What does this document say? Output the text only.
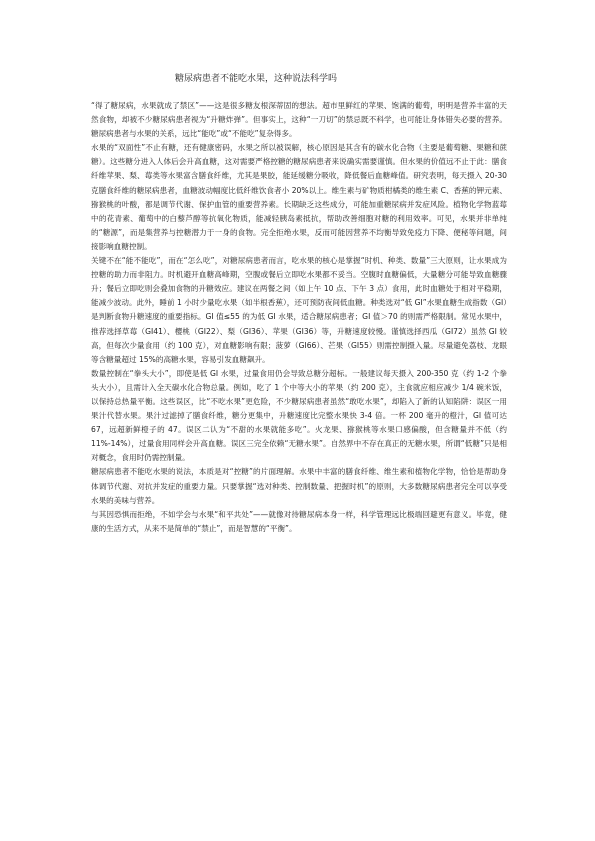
糖尿病患者不能吃水果，这种说法科学吗

“得了糖尿病，水果就成了禁区”——这是很多糖友根深蒂固的想法。超市里鲜红的苹果、饱满的葡萄，明明是营养丰富的天然食物，却被不少糖尿病患者视为“升糖炸弹”。但事实上，这种“一刀切”的禁忌既不科学，也可能让身体错失必要的营养。糖尿病患者与水果的关系，远比“能吃”或“不能吃”复杂得多。

水果的“双面性”不止有糖，还有健康密码，水果之所以被误解，核心原因是其含有的碳水化合物（主要是葡萄糖、果糖和蔗糖）。这些糖分进入人体后会升高血糖，这对需要严格控糖的糖尿病患者来说确实需要谨慎。但水果的价值远不止于此：膳食纤维苹果、梨、莓类等水果富含膳食纤维，尤其是果胶，能延缓糖分吸收，降低餐后血糖峰值。研究表明，每天摄入 20-30 克膳食纤维的糖尿病患者，血糖波动幅度比低纤维饮食者小 20%以上。维生素与矿物质柑橘类的维生素 C、香蕉的钾元素、猕猴桃的叶酸，都是调节代谢、保护血管的重要营养素。长期缺乏这些成分，可能加重糖尿病并发症风险。植物化学物蓝莓中的花青素、葡萄中的白藜芦醇等抗氧化物质，能减轻胰岛素抵抗，帮助改善细胞对糖的利用效率。可见，水果并非单纯的“糖源”，而是集营养与控糖潜力于一身的食物。完全拒绝水果，反而可能因营养不均衡导致免疫力下降、便秘等问题，间接影响血糖控制。

关键不在“能不能吃”，而在“怎么吃”，对糖尿病患者而言，吃水果的核心是掌握“时机、种类、数量”三大原则，让水果成为控糖的助力而非阻力。时机避开血糖高峰期，空腹或餐后立即吃水果都不妥当。空腹时血糖偏低，大量糖分可能导致血糖骤升；餐后立即吃则会叠加食物的升糖效应。建议在两餐之间（如上午 10 点、下午 3 点）食用，此时血糖处于相对平稳期，能减少波动。此外，睡前 1 小时少量吃水果（如半根香蕉），还可预防夜间低血糖。种类选对“低 GI”水果血糖生成指数（GI）是判断食物升糖速度的重要指标。GI 值≤55 的为低 GI 水果，适合糖尿病患者；GI 值＞70 的则需严格限制。常见水果中，推荐选择草莓（GI41）、樱桃（GI22）、梨（GI36）、苹果（GI36）等，升糖速度较慢。谨慎选择西瓜（GI72）虽然 GI 较高，但每次少量食用（约 100 克），对血糖影响有限；菠萝（GI66）、芒果（GI55）则需控制摄入量。尽量避免荔枝、龙眼等含糖量超过 15%的高糖水果，容易引发血糖飙升。

数量控制在“拳头大小”，即使是低 GI 水果，过量食用仍会导致总糖分超标。一般建议每天摄入 200-350 克（约 1-2 个拳头大小），且需计入全天碳水化合物总量。例如，吃了 1 个中等大小的苹果（约 200 克），主食就应相应减少 1/4 碗米饭，以保持总热量平衡。这些误区，比“不吃水果”更危险，不少糖尿病患者虽然“敢吃水果”，却陷入了新的认知陷阱：误区一用果汁代替水果。果汁过滤掉了膳食纤维，糖分更集中，升糖速度比完整水果快 3-4 倍。一杯 200 毫升的橙汁，GI 值可达 67，远超新鲜橙子的 47。误区二认为“不甜的水果就能多吃”。火龙果、猕猴桃等水果口感偏酸，但含糖量并不低（约 11%-14%），过量食用同样会升高血糖。误区三完全依赖“无糖水果”。自然界中不存在真正的无糖水果，所谓“低糖”只是相对概念，食用时仍需控制量。

糖尿病患者不能吃水果的说法，本质是对“控糖”的片面理解。水果中丰富的膳食纤维、维生素和植物化学物，恰恰是帮助身体调节代谢、对抗并发症的重要力量。只要掌握“选对种类、控制数量、把握时机”的原则，大多数糖尿病患者完全可以享受水果的美味与营养。

与其因恐惧而拒绝，不如学会与水果“和平共处”——就像对待糖尿病本身一样，科学管理远比极端回避更有意义。毕竟，健康的生活方式，从来不是简单的“禁止”，而是智慧的“平衡”。
